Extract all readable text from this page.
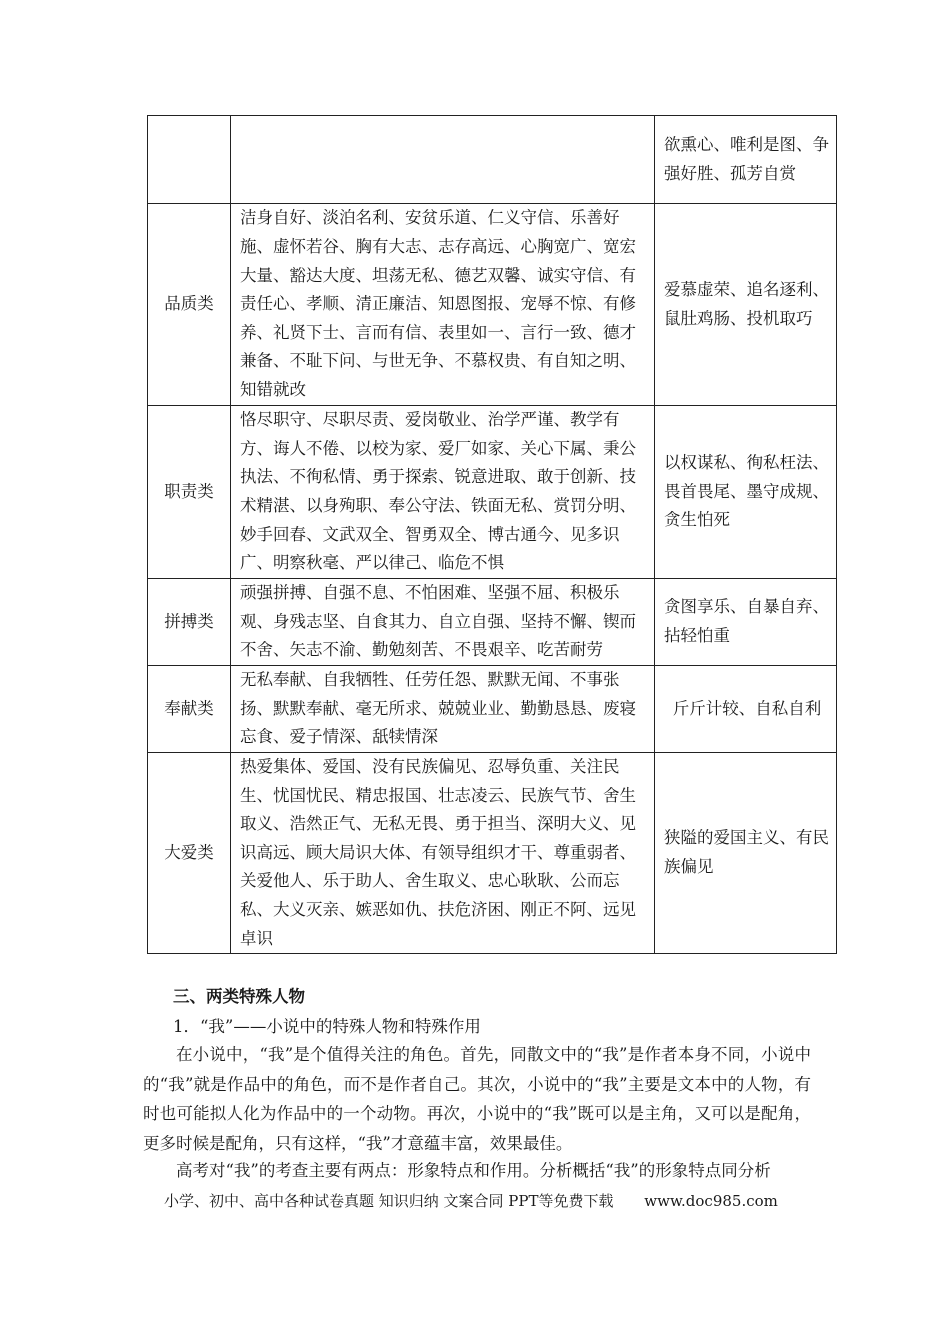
		欲熏心、唯利是图、争强好胜、孤芳自赏
品质类	洁身自好、淡泊名利、安贫乐道、仁义守信、乐善好施、虚怀若谷、胸有大志、志存高远、心胸宽广、宽宏大量、豁达大度、坦荡无私、德艺双馨、诚实守信、有责任心、孝顺、清正廉洁、知恩图报、宠辱不惊、有修养、礼贤下士、言而有信、表里如一、言行一致、德才兼备、不耻下问、与世无争、不慕权贵、有自知之明、知错就改	爱慕虚荣、追名逐利、鼠肚鸡肠、投机取巧
职责类	恪尽职守、尽职尽责、爱岗敬业、治学严谨、教学有方、诲人不倦、以校为家、爱厂如家、关心下属、秉公执法、不徇私情、勇于探索、锐意进取、敢于创新、技术精湛、以身殉职、奉公守法、铁面无私、赏罚分明、妙手回春、文武双全、智勇双全、博古通今、见多识广、明察秋毫、严以律己、临危不惧	以权谋私、徇私枉法、畏首畏尾、墨守成规、贪生怕死
拼搏类	顽强拼搏、自强不息、不怕困难、坚强不屈、积极乐观、身残志坚、自食其力、自立自强、坚持不懈、锲而不舍、矢志不渝、勤勉刻苦、不畏艰辛、吃苦耐劳	贪图享乐、自暴自弃、拈轻怕重
奉献类	无私奉献、自我牺牲、任劳任怨、默默无闻、不事张扬、默默奉献、毫无所求、兢兢业业、勤勤恳恳、废寝忘食、爱子情深、舐犊情深	斤斤计较、自私自利
大爱类	热爱集体、爱国、没有民族偏见、忍辱负重、关注民生、忧国忧民、精忠报国、壮志凌云、民族气节、舍生取义、浩然正气、无私无畏、勇于担当、深明大义、见识高远、顾大局识大体、有领导组织才干、尊重弱者、关爱他人、乐于助人、舍生取义、忠心耿耿、公而忘私、大义灭亲、嫉恶如仇、扶危济困、刚正不阿、远见卓识	狭隘的爱国主义、有民族偏见
三、两类特殊人物
1．“我”——小说中的特殊人物和特殊作用
在小说中，“我”是个值得关注的角色。首先，同散文中的“我”是作者本身不同，小说中的“我”就是作品中的角色，而不是作者自己。其次，小说中的“我”主要是文本中的人物，有时也可能拟人化为作品中的一个动物。再次，小说中的“我”既可以是主角，又可以是配角，更多时候是配角，只有这样，“我”才意蕴丰富，效果最佳。
高考对“我”的考查主要有两点：形象特点和作用。分析概括“我”的形象特点同分析
小学、初中、高中各种试卷真题 知识归纳 文案合同 PPT等免费下载 www.doc985.com
